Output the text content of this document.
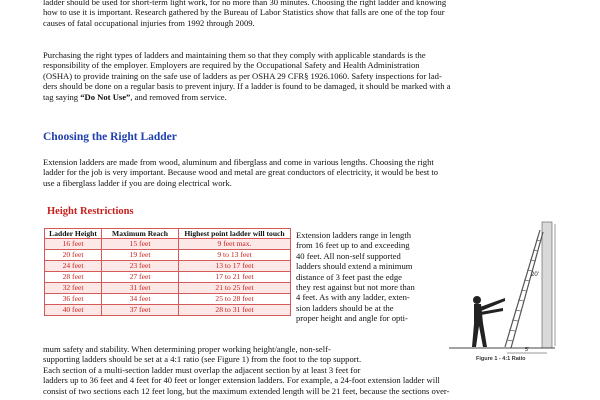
ladder should be used for short-term light work, for no more than 30 minutes. Choosing the right ladder and knowing
how to use it is important. Research gathered by the Bureau of Labor Statistics show that falls are one of the top four
causes of fatal occupational injuries from 1992 through 2009.

Purchasing the right types of ladders and maintaining them so that they comply with applicable standards is the
responsibility of the employer. Employers are required by the Occupational Safety and Health Administration
(OSHA) to provide training on the safe use of ladders as per OSHA 29 CFR§ 1926.1060. Safety inspections for lad-
ders should be done on a regular basis to prevent injury. If a ladder is found to be damaged, it should be marked with a
tag saying “Do Not Use”, and removed from service.

Choosing the Right Ladder

Extension ladders are made from wood, aluminum and fiberglass and come in various lengths. Choosing the right
ladder for the job is very important. Because wood and metal are great conductors of electricity, it would be best to
use a fiberglass ladder if you are doing electrical work.

Height Restrictions
Ladder Height	Maximum Reach	Highest point ladder will touch
16 feet	15 feet	9 feet max.
20 feet	19 feet	9 to 13 feet
24 feet	23 feet	13 to 17 feet
28 feet	27 feet	17 to 21 feet
32 feet	31 feet	21 to 25 feet
36 feet	34 feet	25 to 28 feet
40 feet	37 feet	28 to 31 feet

Extension ladders range in length
from 16 feet up to and exceeding
40 feet. All non-self supported
ladders should extend a minimum
distance of 3 feet past the edge
they rest against but not more than
4 feet. As with any ladder, exten-
sion ladders should be at the
proper height and angle for opti-

mum safety and stability. When determining proper working height/angle, non-self-
supporting ladders should be set at a 4:1 ratio (see Figure 1) from the foot to the top support.
Each section of a multi-section ladder must overlap the adjacent section by at least 3 feet for
ladders up to 36 feet and 4 feet for 40 feet or longer extension ladders. For example, a 24-foot extension ladder will
consist of two sections each 12 feet long, but the maximum extended length will be 21 feet, because the sections over-

20'
5'
Figure 1 - 4:1 Ratio
